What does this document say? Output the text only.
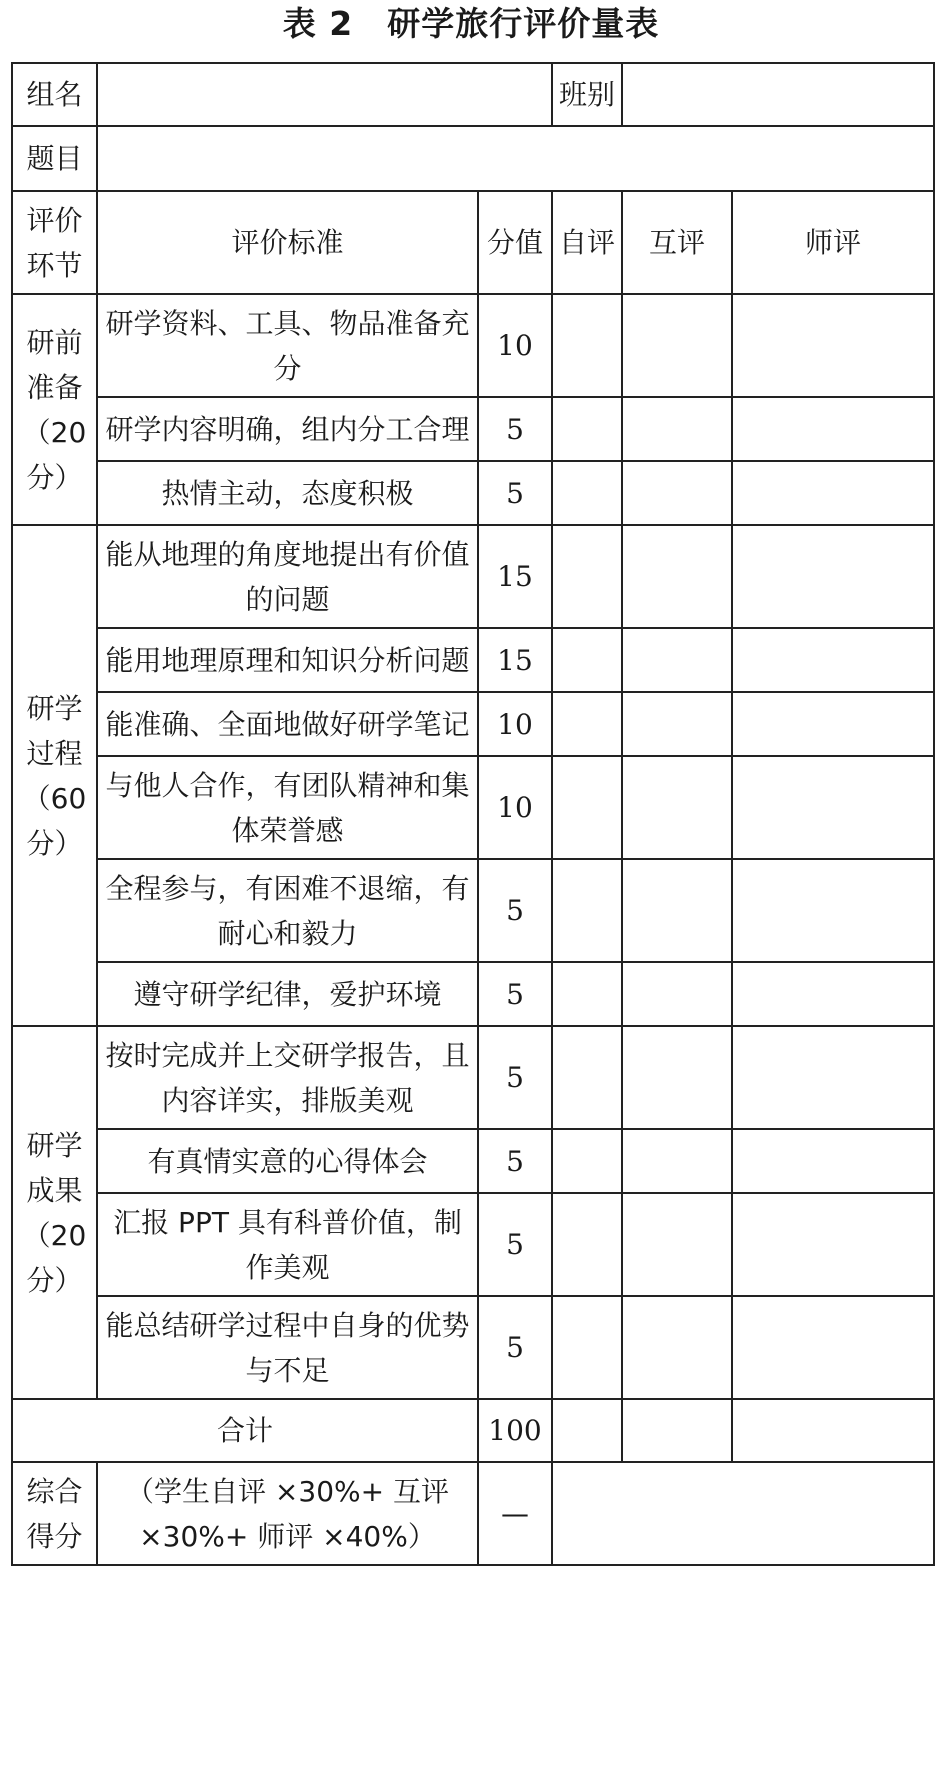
表 2　研学旅行评价量表
组名			班别		
题目					
评价环节	评价标准	分值	自评	互评	师评
研前准备（20分）	研学资料、工具、物品准备充分	10			
	研学内容明确，组内分工合理	5			
	热情主动，态度积极	5			
研学过程（60分）	能从地理的角度地提出有价值的问题	15			
	能用地理原理和知识分析问题	15			
	能准确、全面地做好研学笔记	10			
	与他人合作，有团队精神和集体荣誉感	10			
	全程参与，有困难不退缩，有耐心和毅力	5			
	遵守研学纪律，爱护环境	5			
研学成果（20分）	按时完成并上交研学报告，且内容详实，排版美观	5			
	有真情实意的心得体会	5			
	汇报 PPT 具有科普价值，制作美观	5			
	能总结研学过程中自身的优势与不足	5			
合计		100			
综合得分	（学生自评 ×30%+ 互评 ×30%+ 师评 ×40%）	—			
